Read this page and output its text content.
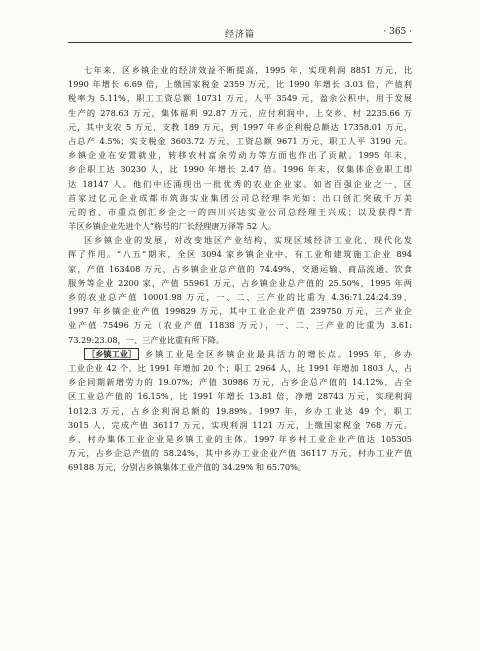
经济篇	· 365 ·
七年来，区乡镇企业的经济效益不断提高，1995 年，实现利润 8851 万元，比
1990 年增长 6.69 倍，上缴国家税金 2359 万元，比 1990 年增长 3.03 倍，产值利
税率为 5.11%，职工工资总额 10731 万元，人平 3549 元，盈余公积中，用于发展
生产的 278.63 万元，集体福利 92.87 万元，应付利润中，上交乡、村 2235.66 万
元，其中支农 5 万元，支教 189 万元，到 1997 年乡企利税总额达 17358.01 万元，
占总产 4.5%；实支税金 3603.72 万元，工资总额 9671 万元，职工人平 3190 元。
乡镇企业在安置就业，转移农村富余劳动力等方面也作出了贡献。1995 年末，
乡企职工达 30230 人，比 1990 年增长 2.47 倍。1996 年末，仅集体企业职工即
达 18147 人。他们中还涌现出一批优秀的农业企业家。如省百强企业之一、区
首家过亿元企业成都市筑海实业集团公司总经理李光如；出口创汇突破千万美
元的省、市重点创汇乡企之一的四川兴达实业公司总经理王兴成；以及获得“青
羊区乡镇企业先进个人”称号的厂长经理唐万泽等 52 人。
区乡镇企业的发展，对改变地区产业结构，实现区域经济工业化、现代化发
挥了作用。“八五”期末，全区 3094 家乡镇企业中，有工业和建筑施工企业 894
家，产值 163408 万元，占乡镇企业总产值的 74.49%，交通运输、商品流通、饮食
服务等企业 2200 家，产值 55961 万元，占乡镇企业总产值的 25.50%，1995 年两
乡的农业总产值 10001.98 万元，一、二、三产业的比重为 4.36:71.24:24.39，
1997 年乡镇企业产值 199829 万元，其中工业企业产值 239750 万元，三产业企
业产值 75496 万元（农业产值 11838 万元），一、二、三产业的比重为 3.61:
73.29:23.08，一、三产业比重有所下降。
［乡镇工业］ 乡镇工业是全区乡镇企业最具活力的增长点。1995 年，乡办
工业企业 42 个，比 1991 年增加 20 个；职工 2964 人，比 1991 年增加 1803 人，占
乡企同期新增劳力的 19.07%；产值 30986 万元，占乡企总产值的 14.12%，占全
区工业总产值的 16.15%，比 1991 年增长 13.81 倍，净增 28743 万元，实现利润
1012.3 万元，占乡企利润总额的 19.89%。1997 年，乡办工业达 49 个，职工
3015 人，完成产值 36117 万元，实现利润 1121 万元，上缴国家税金 768 万元。
乡、村办集体工业企业是乡镇工业的主体。1997 年乡村工业企业产值达 105305
万元，占乡企总产值的 58.24%，其中乡办工业企业产值 36117 万元，村办工业产值
69188 万元，分别占乡镇集体工业产值的 34.29% 和 65.70%。
